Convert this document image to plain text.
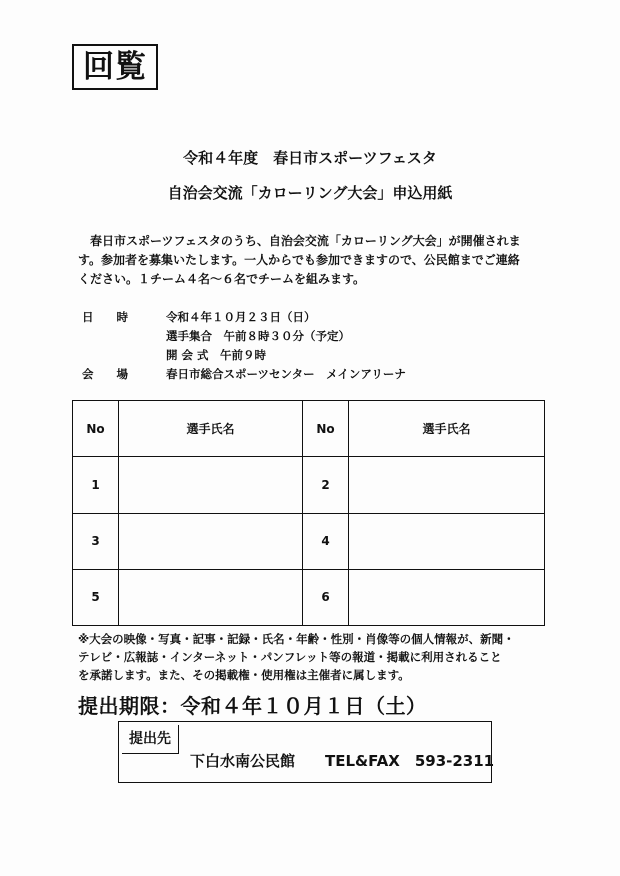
回覧
令和４年度　春日市スポーツフェスタ
自治会交流「カローリング大会」申込用紙
　春日市スポーツフェスタのうち、自治会交流「カローリング大会」が開催されま
す。参加者を募集いたします。一人からでも参加できますので、公民館までご連絡
ください。１チーム４名～６名でチームを組みます。
日　　時	令和４年１０月２３日（日）
選手集合　午前８時３０分（予定）
開 会 式　午前９時
会　　場	春日市総合スポーツセンター　メインアリーナ
No	選手氏名	No	選手氏名
1		2	
3		4	
5		6	
※大会の映像・写真・記事・記録・氏名・年齢・性別・肖像等の個人情報が、新聞・
テレビ・広報誌・インターネット・パンフレット等の報道・掲載に利用されること
を承諾します。また、その掲載権・使用権は主催者に属します。
提出期限：令和４年１０月１日（土）
提出先
下白水南公民館　　TEL&FAX　593-2311
